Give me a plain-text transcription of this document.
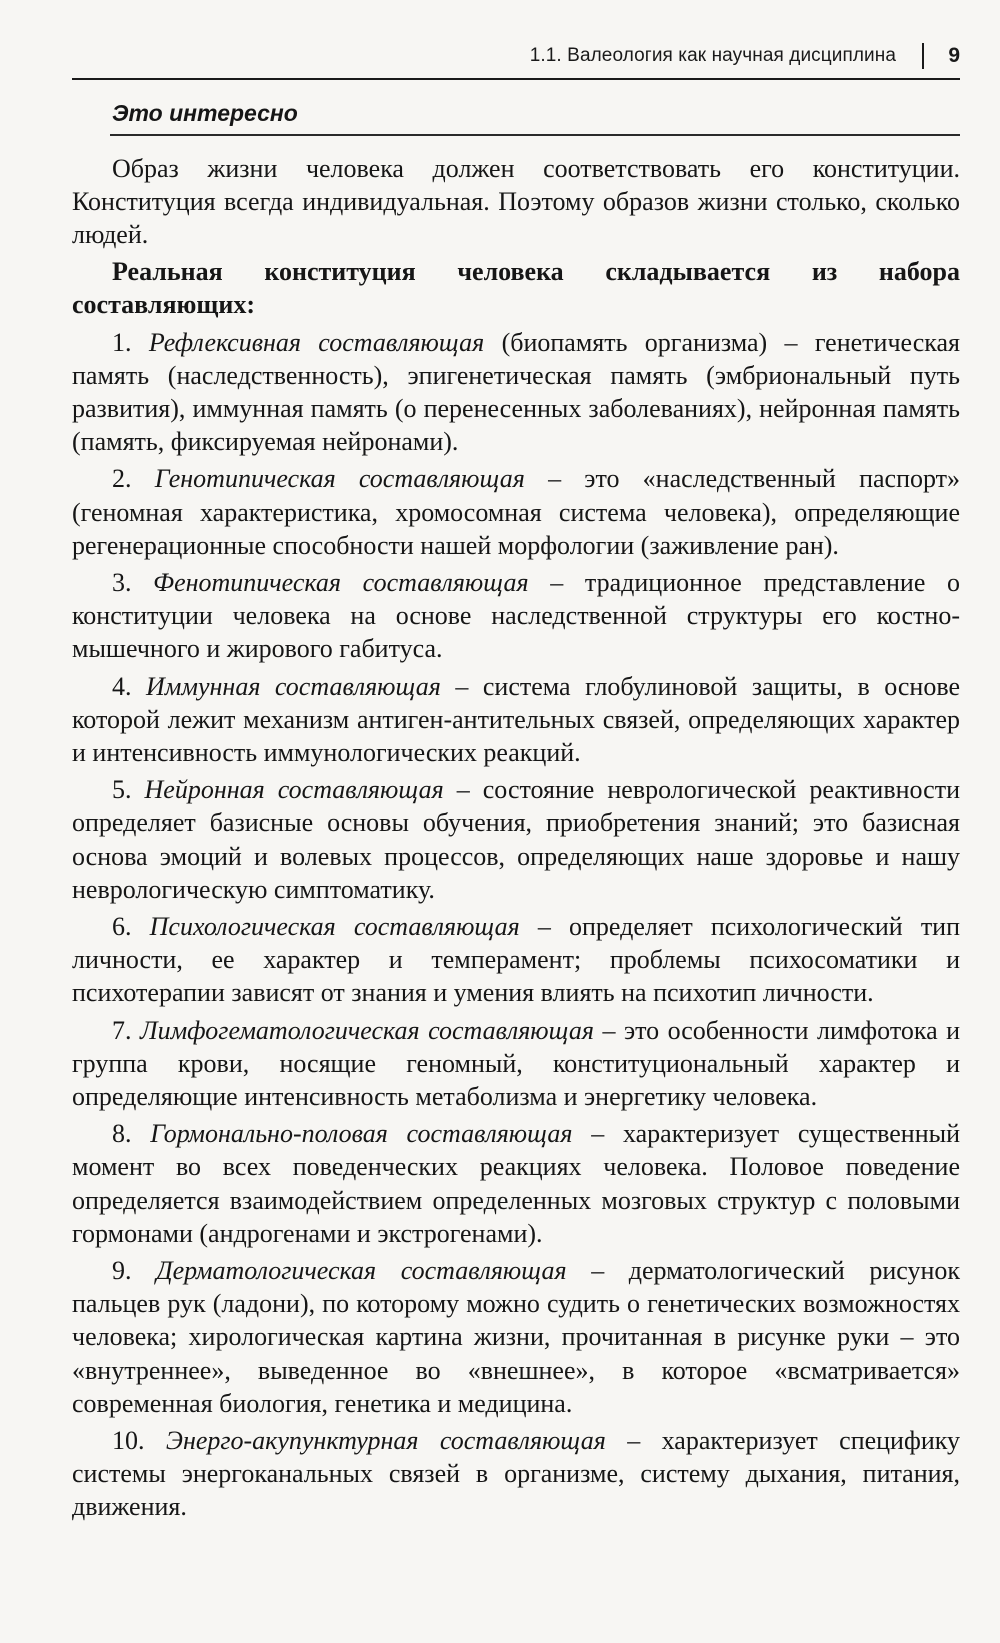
1.1. Валеология как научная дисциплина 9
Это интересно

Образ жизни человека должен соответствовать его конституции. Конституция всегда индивидуальная. Поэтому образов жизни столько, сколько людей.

Реальная конституция человека складывается из набора составляющих:

1. Рефлексивная составляющая (биопамять организма) – генетическая память (наследственность), эпигенетическая память (эмбриональный путь развития), иммунная память (о перенесенных заболеваниях), нейронная память (память, фиксируемая нейронами).

2. Генотипическая составляющая – это «наследственный паспорт» (геномная характеристика, хромосомная система человека), определяющие регенерационные способности нашей морфологии (заживление ран).

3. Фенотипическая составляющая – традиционное представление о конституции человека на основе наследственной структуры его костно-мышечного и жирового габитуса.

4. Иммунная составляющая – система глобулиновой защиты, в основе которой лежит механизм антиген-антительных связей, определяющих характер и интенсивность иммунологических реакций.

5. Нейронная составляющая – состояние неврологической реактивности определяет базисные основы обучения, приобретения знаний; это базисная основа эмоций и волевых процессов, определяющих наше здоровье и нашу неврологическую симптоматику.

6. Психологическая составляющая – определяет психологический тип личности, ее характер и темперамент; проблемы психосоматики и психотерапии зависят от знания и умения влиять на психотип личности.

7. Лимфогематологическая составляющая – это особенности лимфотока и группа крови, носящие геномный, конституциональный характер и определяющие интенсивность метаболизма и энергетику человека.

8. Гормонально-половая составляющая – характеризует существенный момент во всех поведенческих реакциях человека. Половое поведение определяется взаимодействием определенных мозговых структур с половыми гормонами (андрогенами и экстрогенами).

9. Дерматологическая составляющая – дерматологический рисунок пальцев рук (ладони), по которому можно судить о генетических возможностях человека; хирологическая картина жизни, прочитанная в рисунке руки – это «внутреннее», выведенное во «внешнее», в которое «всматривается» современная биология, генетика и медицина.

10. Энерго-акупунктурная составляющая – характеризует специфику системы энергоканальных связей в организме, систему дыхания, питания, движения.
